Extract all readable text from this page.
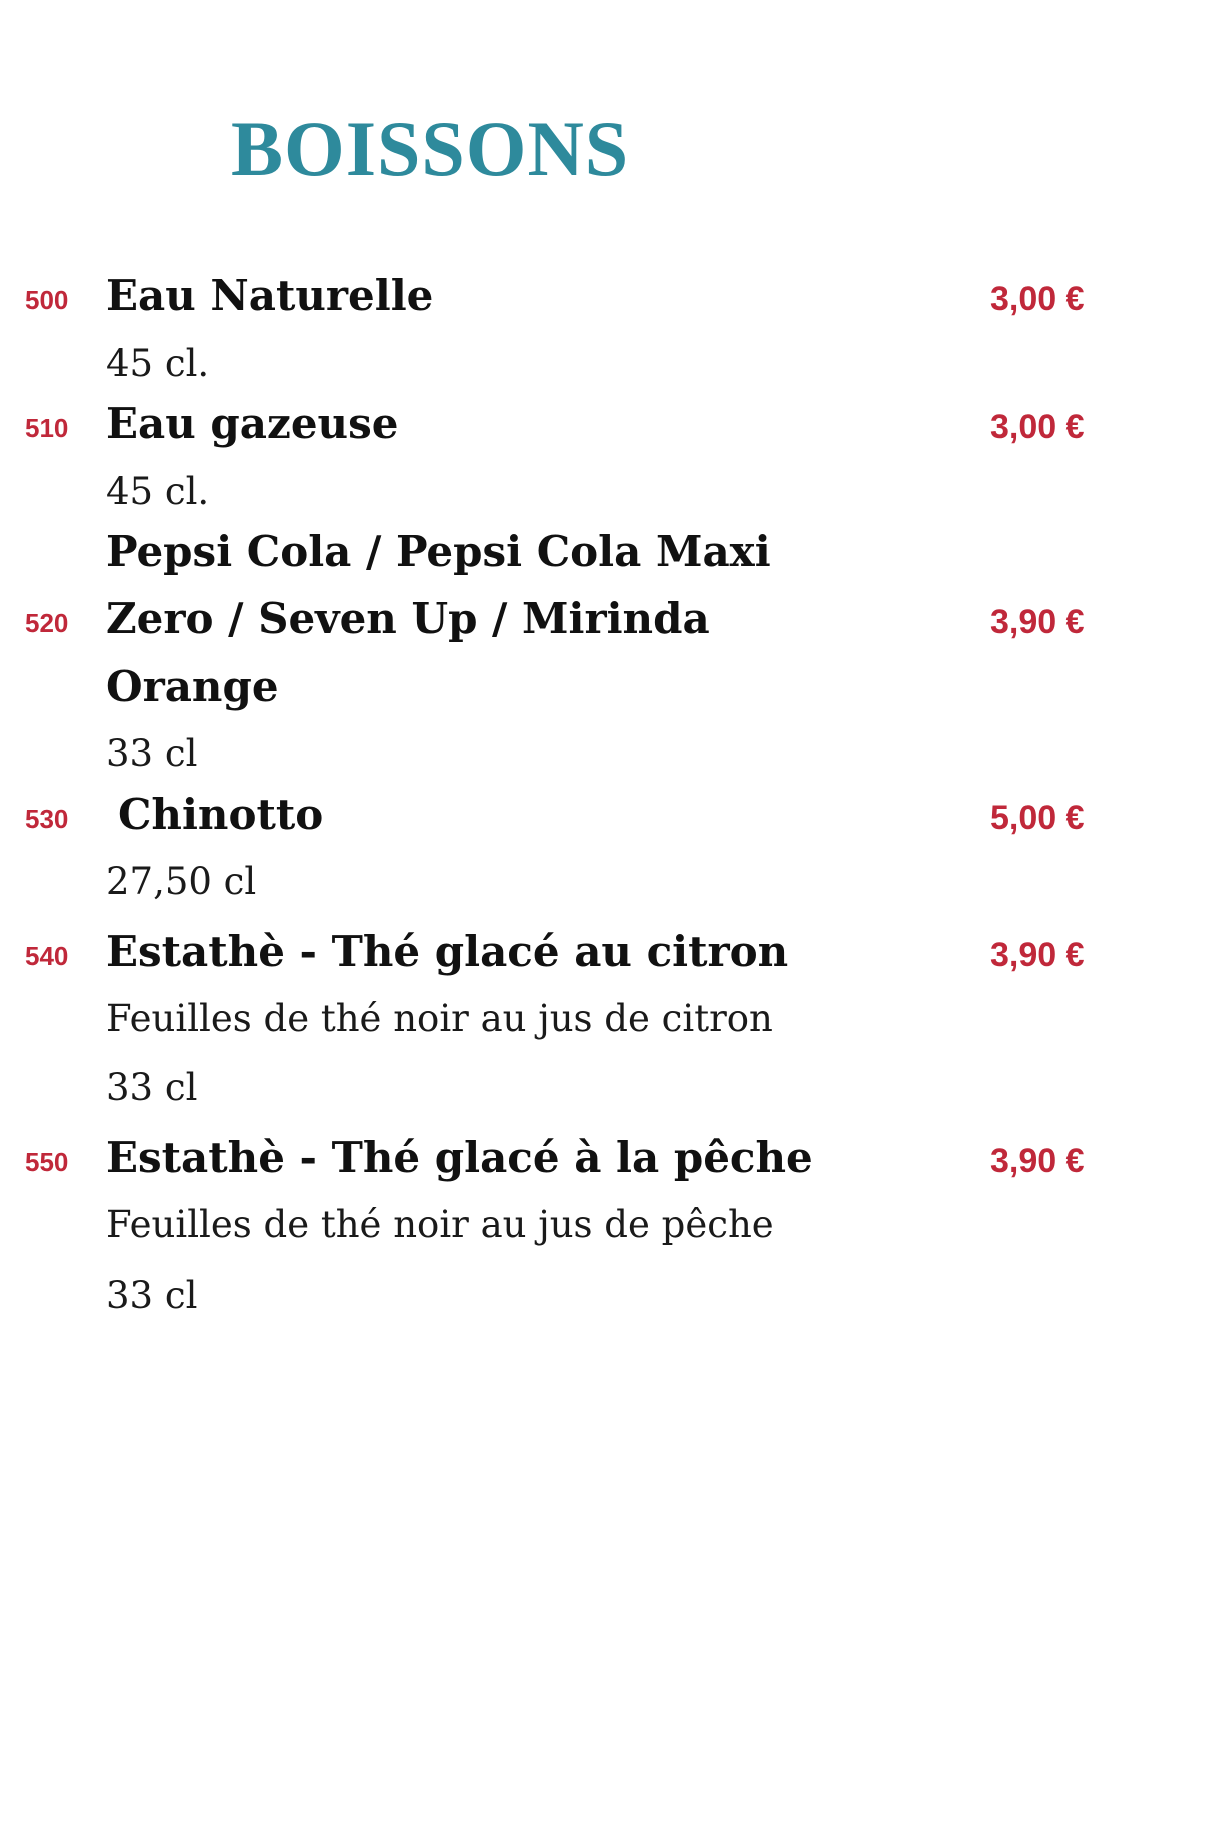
BOISSONS
500 Eau Naturelle	3,00 €
45 cl.
510 Eau gazeuse	3,00 €
45 cl.
Pepsi Cola / Pepsi Cola Maxi
520 Zero / Seven Up / Mirinda	3,90 €
Orange
33 cl
530 Chinotto	5,00 €
27,50 cl
540 Estathè - Thé glacé au citron	3,90 €
Feuilles de thé noir au jus de citron
33 cl
550 Estathè - Thé glacé à la pêche	3,90 €
Feuilles de thé noir au jus de pêche
33 cl
